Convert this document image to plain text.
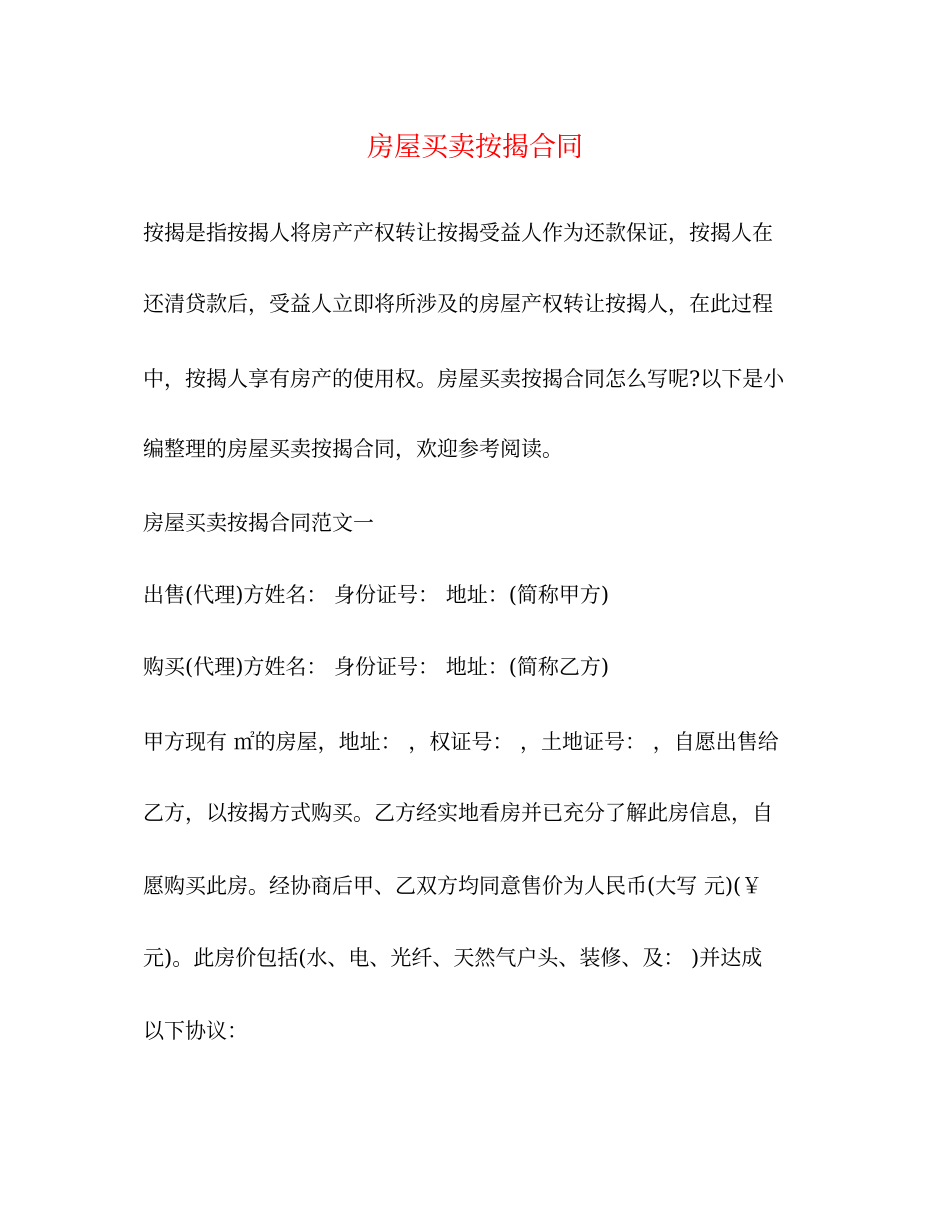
房屋买卖按揭合同

按揭是指按揭人将房产产权转让按揭受益人作为还款保证，按揭人在

还清贷款后，受益人立即将所涉及的房屋产权转让按揭人，在此过程

中，按揭人享有房产的使用权。房屋买卖按揭合同怎么写呢?以下是小

编整理的房屋买卖按揭合同，欢迎参考阅读。

房屋买卖按揭合同范文一

出售(代理)方姓名： 身份证号： 地址：(简称甲方)

购买(代理)方姓名： 身份证号： 地址：(简称乙方)

甲方现有 ㎡的房屋，地址： ，权证号： ，土地证号： ，自愿出售给

乙方，以按揭方式购买。乙方经实地看房并已充分了解此房信息，自

愿购买此房。经协商后甲、乙双方均同意售价为人民币(大写 元)(￥

元)。此房价包括(水、电、光纤、天然气户头、装修、及： )并达成

以下协议：
